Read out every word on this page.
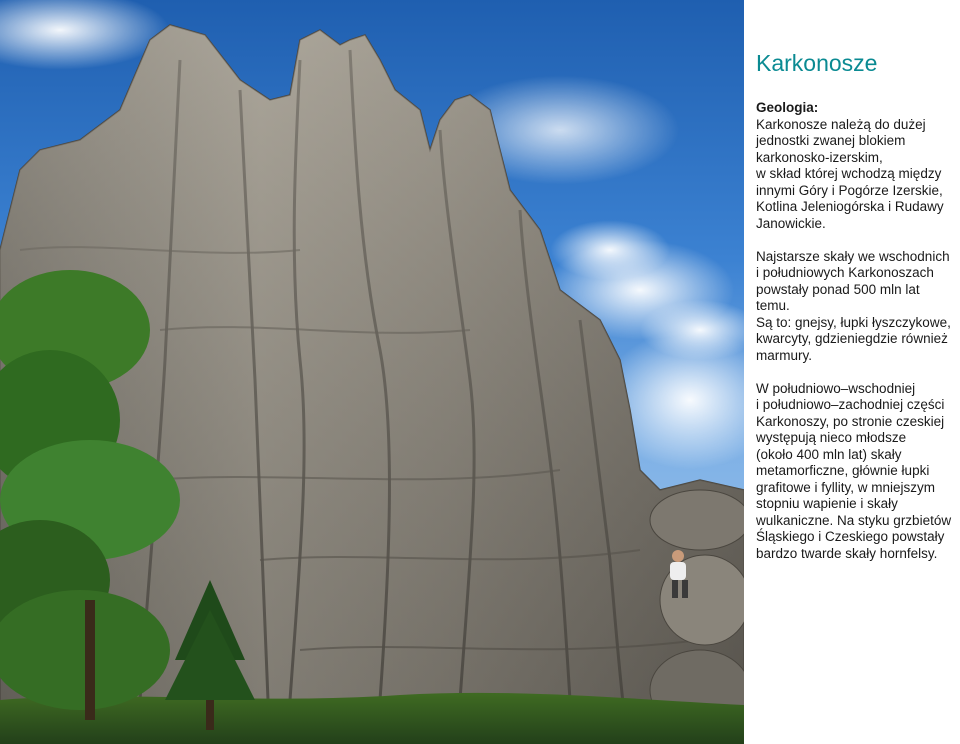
Karkonosze
Geologia:

Karkonosze należą do dużej
jednostki zwanej blokiem
karkonosko-izerskim,
w skład której wchodzą między
innymi Góry i Pogórze Izerskie,
Kotlina Jeleniogórska i Rudawy
Janowickie.

Najstarsze skały we wschodnich
i południowych Karkonoszach
powstały ponad 500 mln lat temu.
Są to: gnejsy, łupki łyszczykowe,
kwarcyty, gdzieniegdzie również
marmury.

W południowo–wschodniej
i południowo–zachodniej części
Karkonoszy, po stronie czeskiej
występują nieco młodsze
(około 400 mln lat) skały
metamorficzne, głównie łupki
grafitowe i fyllity, w mniejszym
stopniu wapienie i skały
wulkaniczne. Na styku grzbietów
Śląskiego i Czeskiego powstały
bardzo twarde skały hornfelsy.
